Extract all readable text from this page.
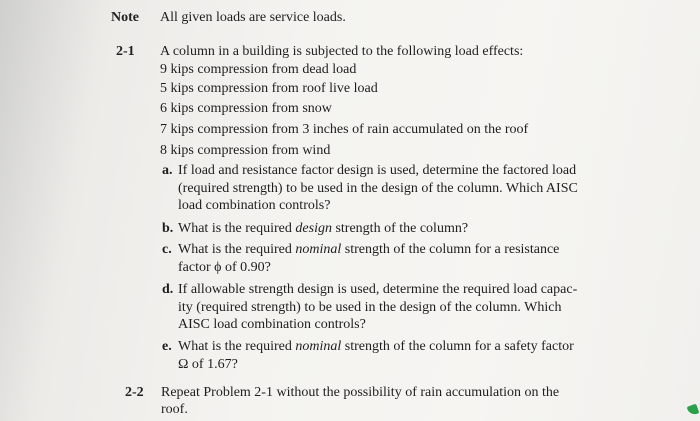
Note All given loads are service loads.
2-1 A column in a building is subjected to the following load effects:
9 kips compression from dead load
5 kips compression from roof live load
6 kips compression from snow
7 kips compression from 3 inches of rain accumulated on the roof
8 kips compression from wind
a. If load and resistance factor design is used, determine the factored load
(required strength) to be used in the design of the column. Which AISC
load combination controls?
b. What is the required design strength of the column?
c. What is the required nominal strength of the column for a resistance
factor ϕ of 0.90?
d. If allowable strength design is used, determine the required load capac-
ity (required strength) to be used in the design of the column. Which
AISC load combination controls?
e. What is the required nominal strength of the column for a safety factor
Ω of 1.67?
2-2 Repeat Problem 2-1 without the possibility of rain accumulation on the
roof.
